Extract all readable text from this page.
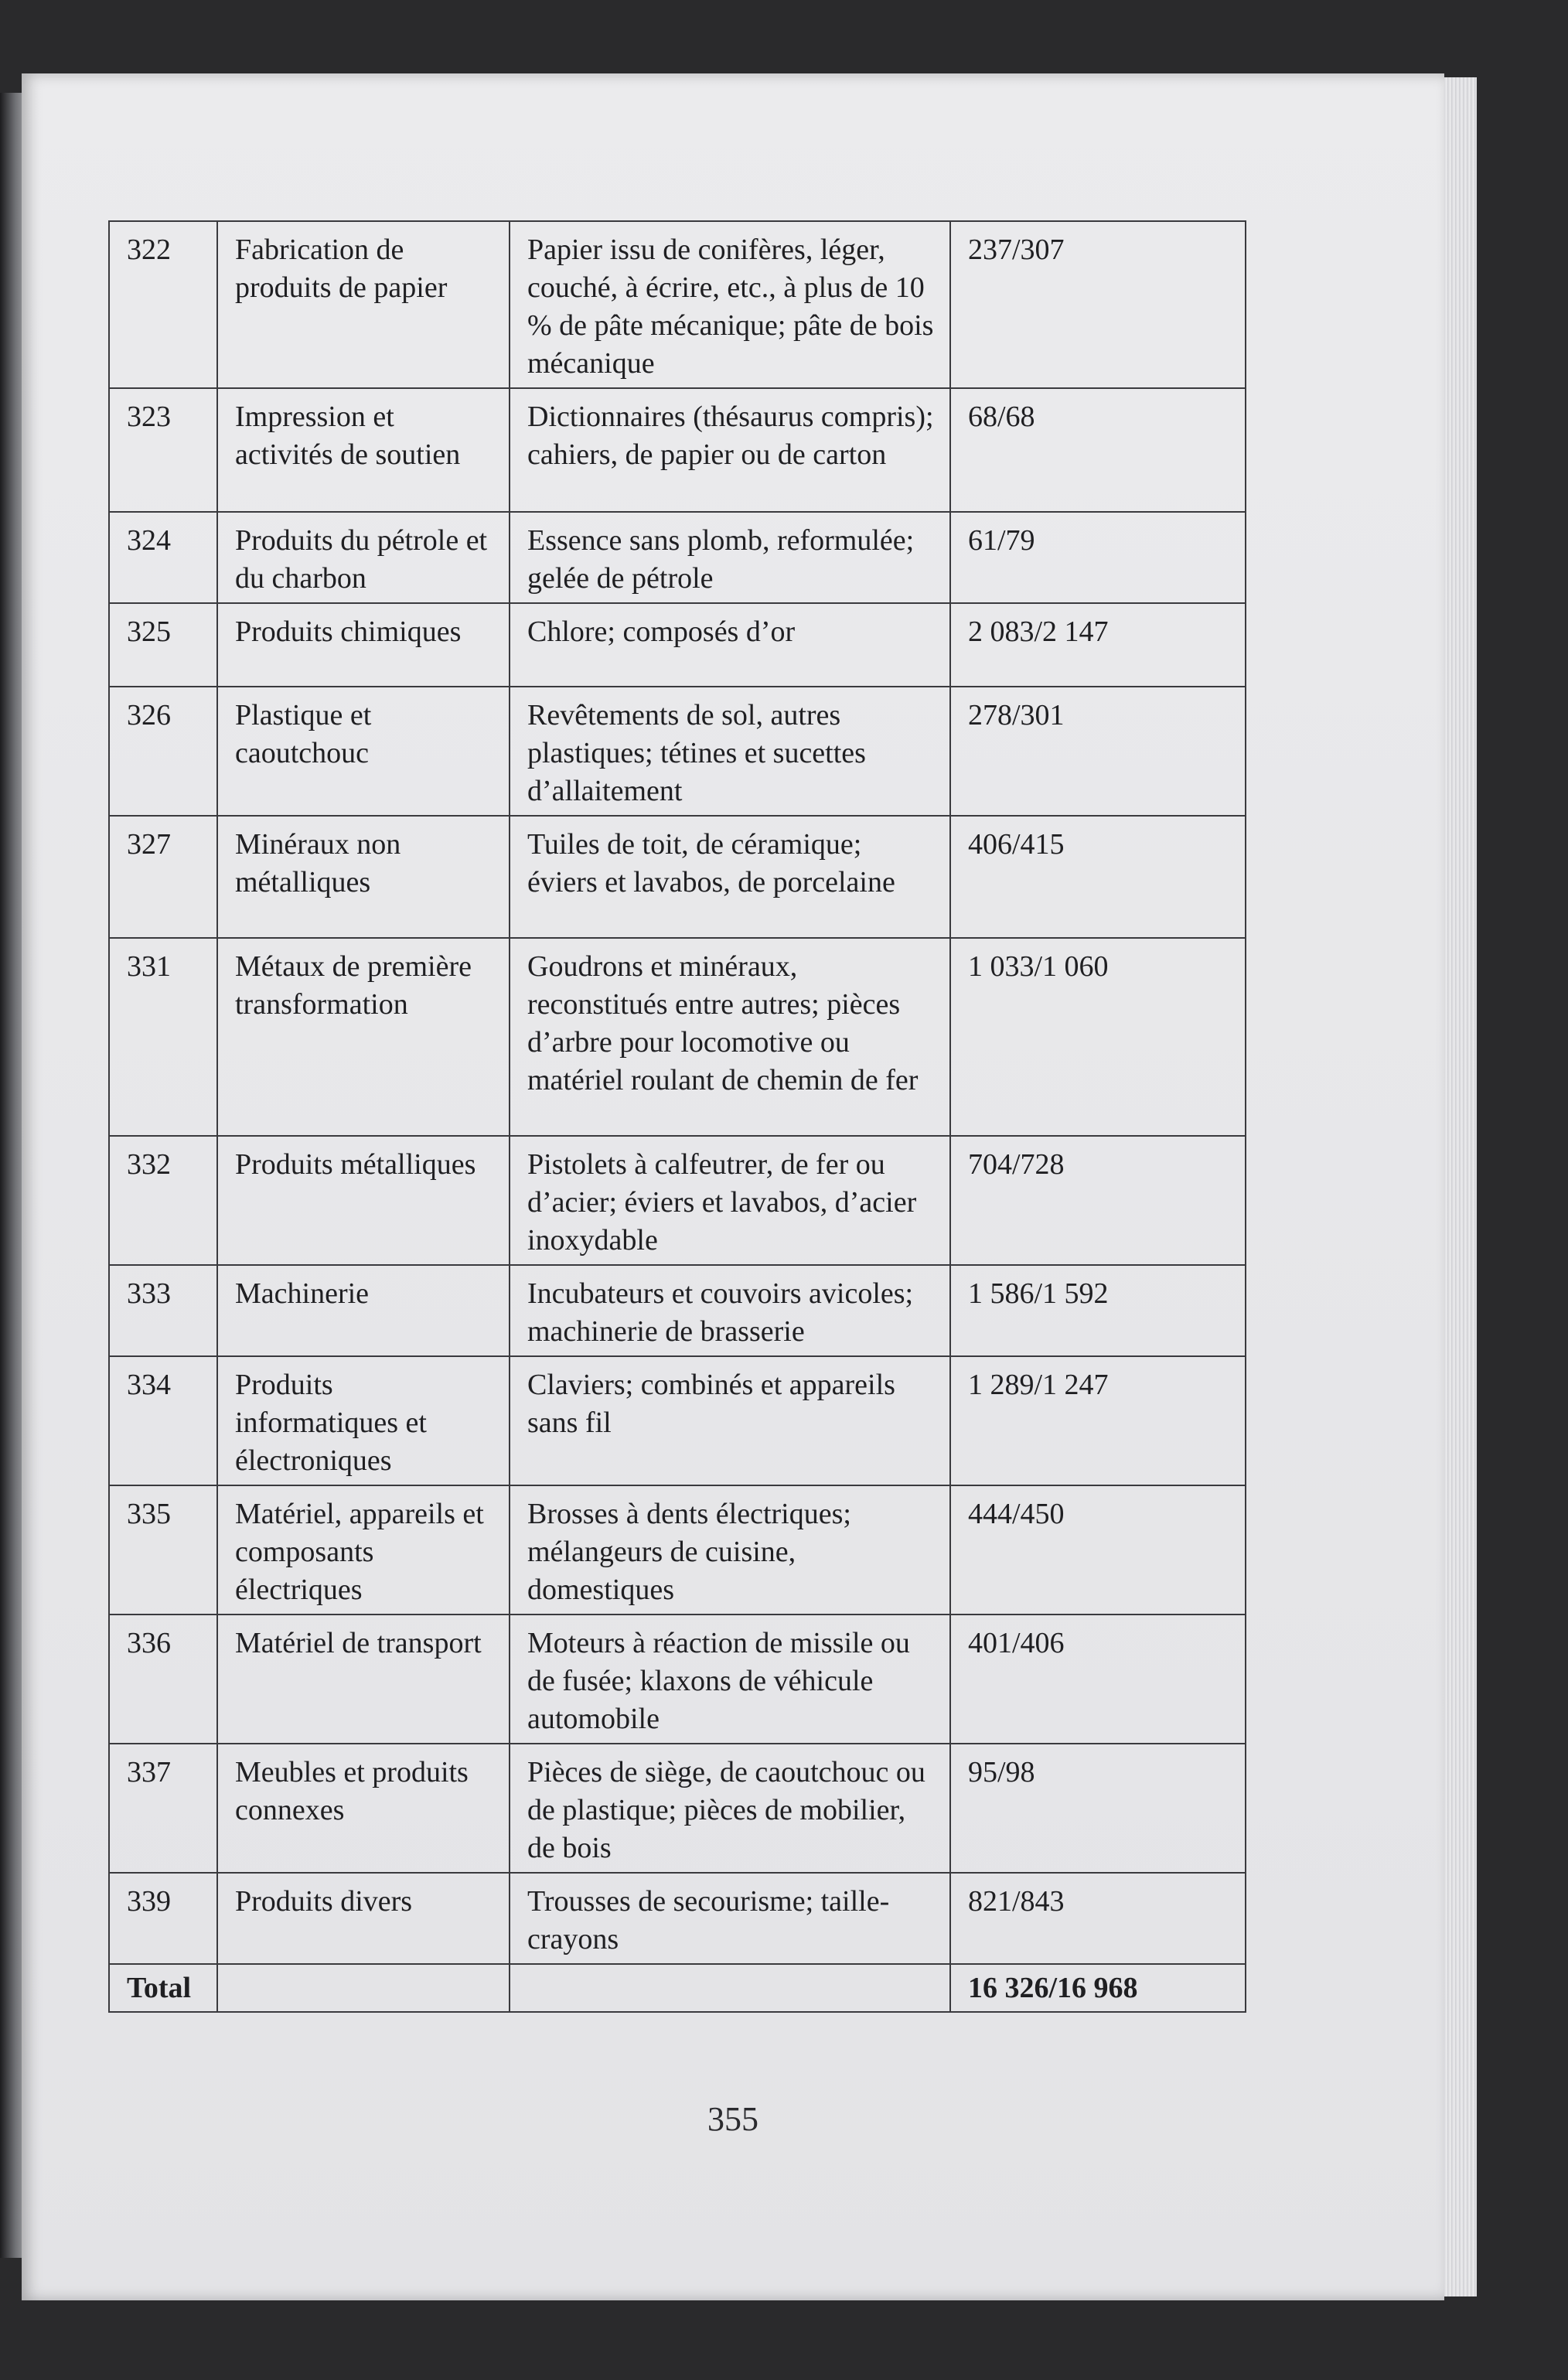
355
322	Fabrication de produits de papier	Papier issu de conifères, léger, couché, à écrire, etc., à plus de 10 % de pâte mécanique; pâte de bois mécanique	237/307
323	Impression et activités de soutien	Dictionnaires (thésaurus compris); cahiers, de papier ou de carton	68/68
324	Produits du pétrole et du charbon	Essence sans plomb, reformulée; gelée de pétrole	61/79
325	Produits chimiques	Chlore; composés d’or	2 083/2 147
326	Plastique et caoutchouc	Revêtements de sol, autres plastiques; tétines et sucettes d’allaitement	278/301
327	Minéraux non métalliques	Tuiles de toit, de céramique; éviers et lavabos, de porcelaine	406/415
331	Métaux de première transformation	Goudrons et minéraux, reconstitués entre autres; pièces d’arbre pour locomotive ou matériel roulant de chemin de fer	1 033/1 060
332	Produits métalliques	Pistolets à calfeutrer, de fer ou d’acier; éviers et lavabos, d’acier inoxydable	704/728
333	Machinerie	Incubateurs et couvoirs avicoles; machinerie de brasserie	1 586/1 592
334	Produits informatiques et électroniques	Claviers; combinés et appareils sans fil	1 289/1 247
335	Matériel, appareils et composants électriques	Brosses à dents électriques; mélangeurs de cuisine, domestiques	444/450
336	Matériel de transport	Moteurs à réaction de missile ou de fusée; klaxons de véhicule automobile	401/406
337	Meubles et produits connexes	Pièces de siège, de caoutchouc ou de plastique; pièces de mobilier, de bois	95/98
339	Produits divers	Trousses de secourisme; taille-crayons	821/843
Total			16 326/16 968
